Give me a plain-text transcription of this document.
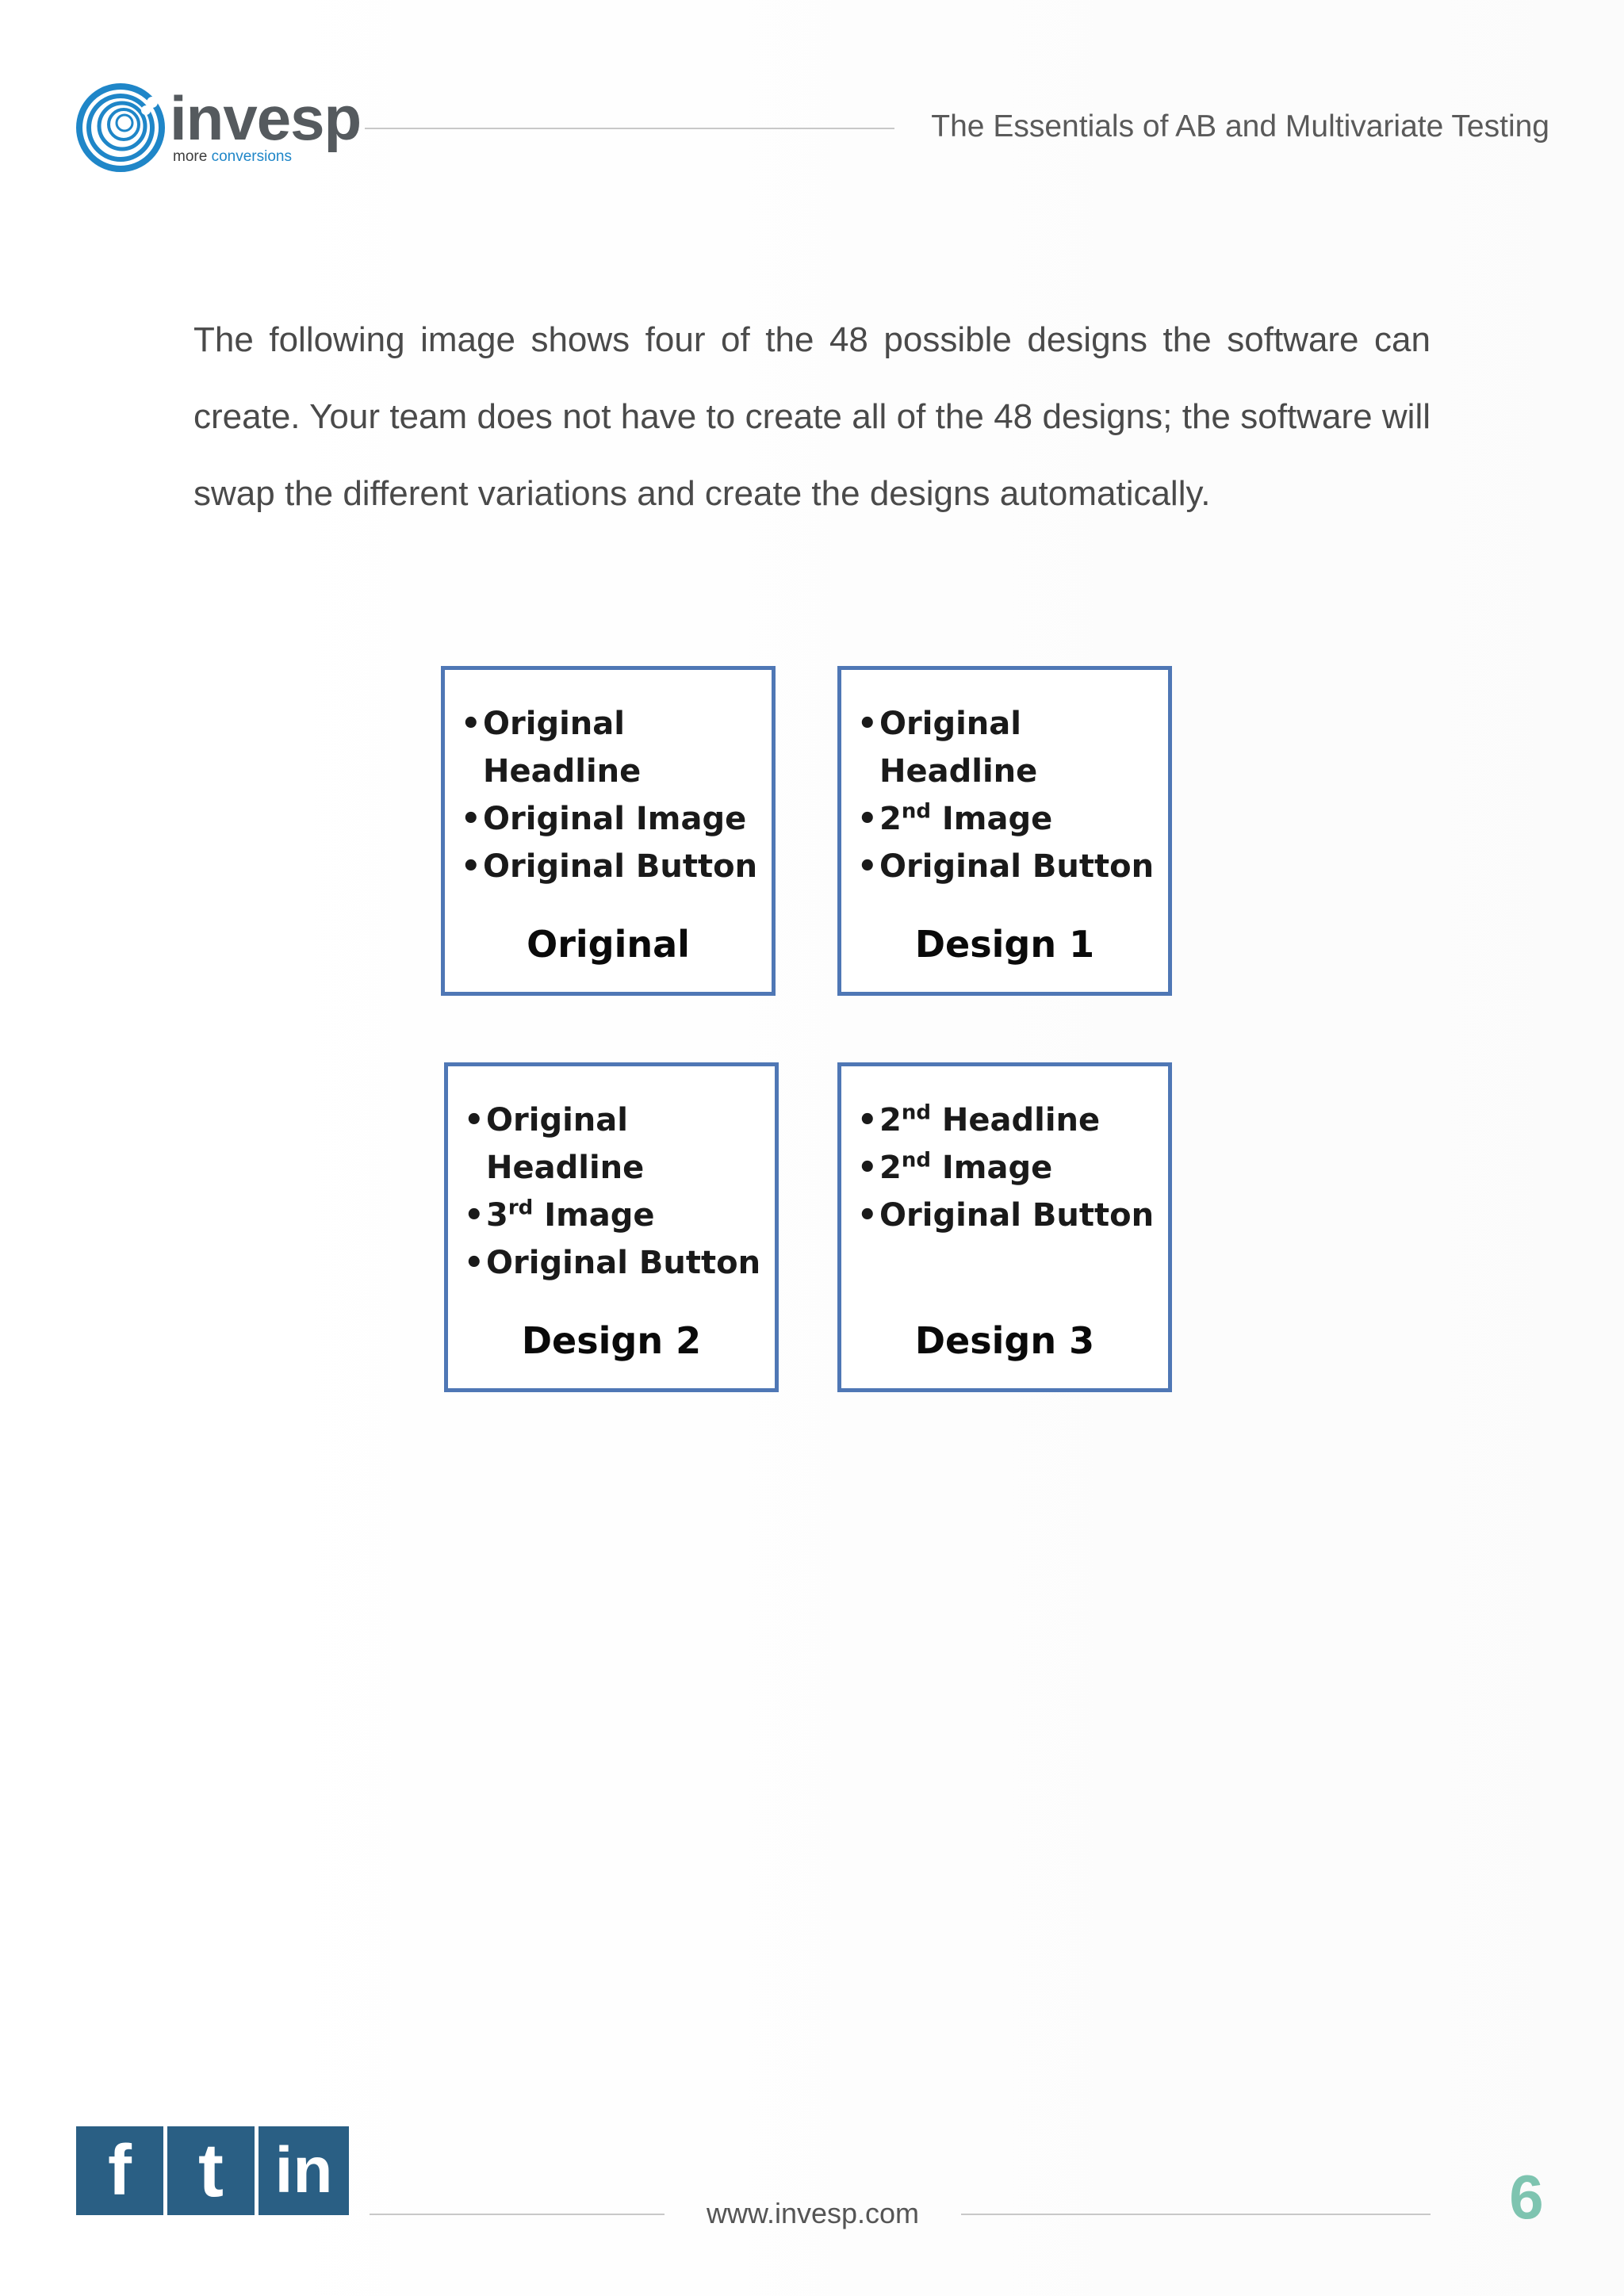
invesp
more conversions
The Essentials of AB and Multivariate Testing

The following image shows four of the 48 possible designs the software can create. Your team does not have to create all of the 48 designs; the software will swap the different variations and create the designs automatically.

• Original
Headline
• Original Image
• Original Button
Original
• Original
Headline
• 2nd Image
• Original Button
Design 1
• Original
Headline
• 3rd Image
• Original Button
Design 2
• 2nd Headline
• 2nd Image
• Original Button
Design 3
f t in
www.invesp.com	6
